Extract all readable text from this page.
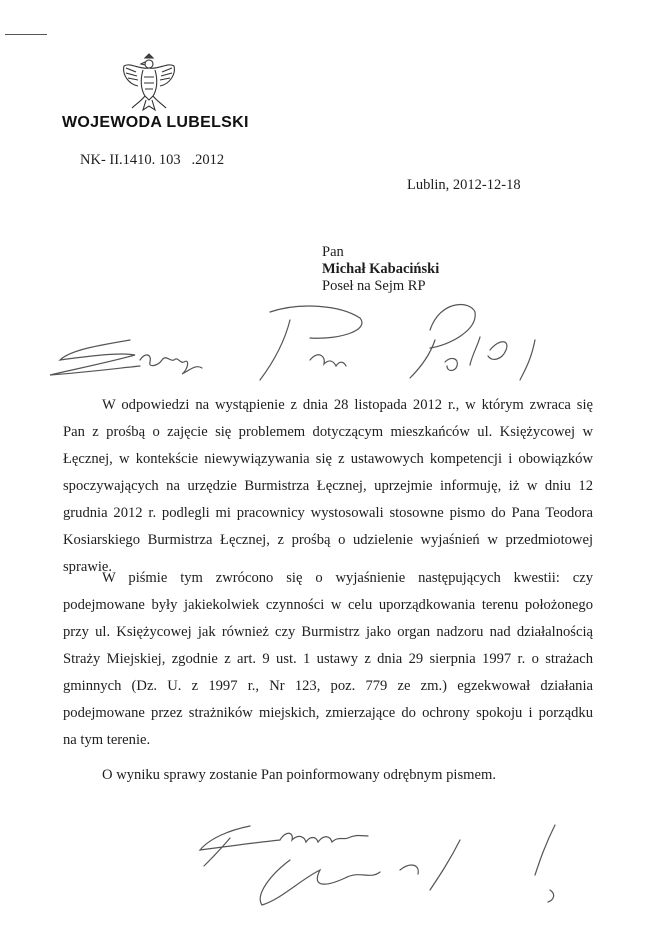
WOJEWODA LUBELSKI
NK- II.1410. 103   .2012
Lublin, 2012-12-18
Pan
Michał Kabaciński
Poseł na Sejm RP
W odpowiedzi na wystąpienie z dnia 28 listopada 2012 r., w którym zwraca się
Pan z prośbą o zajęcie się problemem dotyczącym mieszkańców ul. Księżycowej w
Łęcznej, w kontekście niewywiązywania się z ustawowych kompetencji i obowiązków
spoczywających na urzędzie Burmistrza Łęcznej, uprzejmie informuję, iż w dniu 12
grudnia 2012 r. podlegli mi pracownicy wystosowali stosowne pismo do Pana Teodora
Kosiarskiego Burmistrza Łęcznej, z prośbą o udzielenie wyjaśnień w przedmiotowej
sprawie.
W piśmie tym zwrócono się o wyjaśnienie następujących kwestii: czy
podejmowane były jakiekolwiek czynności w celu uporządkowania terenu położonego
przy ul. Księżycowej jak również czy Burmistrz jako organ nadzoru nad działalnością
Straży Miejskiej, zgodnie z art. 9 ust. 1 ustawy z dnia 29 sierpnia 1997 r. o strażach
gminnych (Dz. U. z 1997 r., Nr 123, poz. 779 ze zm.) egzekwował działania
podejmowane przez strażników miejskich, zmierzające do ochrony spokoju i porządku
na tym terenie.
O wyniku sprawy zostanie Pan poinformowany odrębnym pismem.
